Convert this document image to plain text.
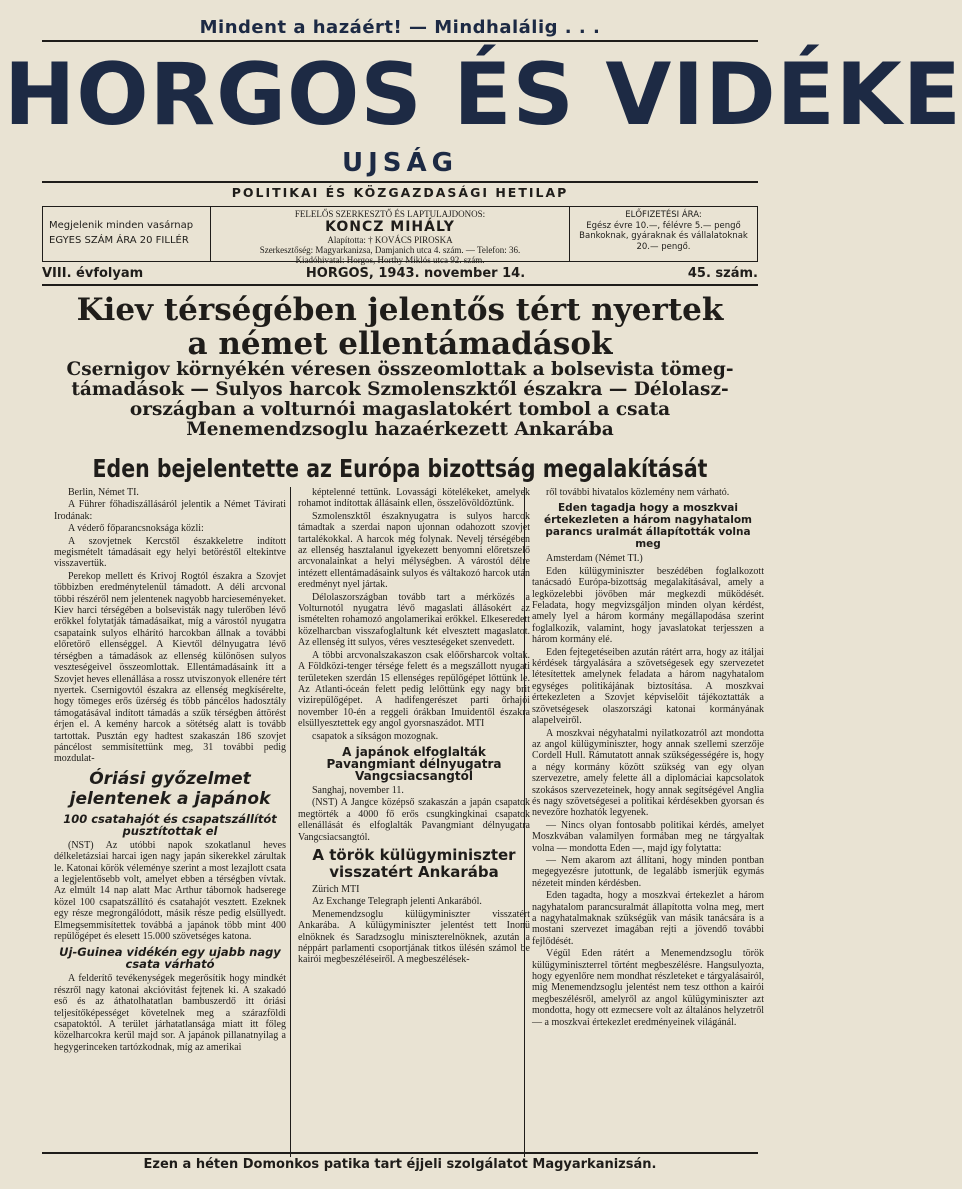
Mindent a hazáért! — Mindhalálig . . .
HORGOS ÉS VIDÉKE
UJSÁG
POLITIKAI ÉS KÖZGAZDASÁGI HETILAP
Megjelenik minden vasárnap
EGYES SZÁM ÁRA 20 FILLÉR
FELELŐS SZERKESZTŐ ÉS LAPTULAJDONOS:
KONCZ MIHÁLY
Alapította: † KOVÁCS PIROSKA
Szerkesztőség: Magyarkanizsa, Damjanich utca 4. szám. — Telefon: 36.
Kiadóhivatal: Horgos, Horthy Miklós utca 92. szám.
ELŐFIZETÉSI ÁRA:
Egész évre 10.—, félévre 5.— pengő
Bankoknak, gyáraknak és vállalatoknak 20.— pengő.
VIII. évfolyam	HORGOS, 1943. november 14.	45. szám.
Kiev térségében jelentős tért nyertek
a német ellentámadások
Csernigov környékén véresen összeomlottak a bolsevista tömeg-
támadások — Sulyos harcok Szmolenszktől északra — Délolasz-
országban a volturnói magaslatokért tombol a csata
Menemendzsoglu hazaérkezett Ankarába
Eden bejelentette az Európa bizottság megalakítását

Berlin, Német TI.

A Führer főhadiszállásáról jelentik a Német Távirati Irodának:

A véderő főparancsnoksága közli:

A szovjetnek Kercstől északkeletre indított megismételt támadásait egy helyi betöréstől eltekintve visszavertük.

Perekop mellett és Krivoj Rogtól északra a Szovjet többizben eredménytelenül támadott. A déli arcvonal többi részéről nem jelentenek nagyobb harcieseményeket. Kiev harci térségében a bolsevisták nagy tulerőben lévő erőkkel folytatják támadásaikat, míg a várostól nyugatra csapataink sulyos elhárító harcokban állnak a további előretörő ellenséggel. A Kievtől délnyugatra lévő térségben a támadások az ellenség különösen sulyos veszteségeivel összeomlottak. Ellentámadásaink itt a Szovjet heves ellenállása a rossz utviszonyok ellenére tért nyertek. Csernigovtól északra az ellenség megkísérelte, hogy tömeges erős üzérség és több páncélos hadosztály támogatásával indított támadás a szűk térségben áttörést érjen el. A kemény harcok a sötétség alatt is tovább tartottak. Pusztán egy hadtest szakaszán 186 szovjet páncélost semmisítettünk meg, 31 további pedig mozdulat-

Óriási győzelmet jelentenek a japánok
100 csatahajót és csapatszállítót pusztítottak el

(NST) Az utóbbi napok szokatlanul heves délkeletázsiai harcai igen nagy japán sikerekkel zárultak le. Katonai körök véleménye szerint a most lezajlott csata a legjelentősebb volt, amelyet ebben a térségben vívtak. Az elmúlt 14 nap alatt Mac Arthur tábornok hadserege közel 100 csapatszállító és csatahajót vesztett. Ezeknek egy része megrongálódott, másik része pedig elsüllyedt. Elmegsemmisítettek továbbá a japánok több mint 400 repülőgépet és elesett 15.000 szövetséges katona.

Uj-Guinea vidékén egy ujabb nagy csata várható

A felderítő tevékenységek megerősítik hogy mindkét részről nagy katonai akcióvitást fejtenek ki. A szakadó eső és az áthatolhatatlan bambuszerdő itt óriási teljesítőképességet követelnek meg a szárazföldi csapatoktól. A terület járhatatlansága miatt itt főleg közelharcokra kerül majd sor. A japánok pillanatnyilag a hegygerinceken tartózkodnak, míg az amerikai

képtelenné tettünk. Lovassági kötelékeket, amelyek rohamot indítottak állásaink ellen, összelövöldöztünk.

Szmolenszktől északnyugatra is sulyos harcok támadtak a szerdai napon ujonnan odahozott szovjet tartalékokkal. A harcok még folynak. Nevelj térségében az ellenség hasztalanul igyekezett benyomni előretszelő arcvonalainkat a helyi mélységben. A várostól délre intézett ellentámadásaink sulyos és váltakozó harcok után eredményt nyel jártak.

Délolaszországban tovább tart a mérközés a Volturnotól nyugatra lévő magaslati állásokért az ismételten rohamozó angolamerikai erőkkel. Elkeseredett közelharcban visszafoglaltunk két elvesztett magaslatot. Az ellenség itt sulyos, véres veszteségeket szenvedett.

A többi arcvonalszakaszon csak előőrsharcok voltak. A Földközi-tenger térsége felett és a megszállott nyugati területeken szerdán 15 ellenséges repülőgépet lőttünk le. Az Atlanti-óceán felett pedig lelőttünk egy nagy brit vizirepülőgépet. A hadifengerészet parti őrhajói november 10-én a reggeli órákban Imuidentől északra elsüllyesztettek egy angol gyorsnaszádot. MTI

csapatok a síkságon mozognak.

A japánok elfoglalták Pavangmiant délnyugatra Vangcsiacsangtól

Sanghaj, november 11.

(NST) A Jangce középső szakaszán a japán csapatok megtörték a 4000 fő erős csungkingkinai csapatok ellenállását és elfoglalták Pavangmiant délnyugatra Vangcsiacsangtól.

A török külügyminiszter visszatért Ankarába

Zürich MTI

Az Exchange Telegraph jelenti Ankarából.

Menemendzsoglu külügyminiszter visszatért Ankarába. A külügyminiszter jelentést tett Inonü elnöknek és Saradzsoglu miniszterelnöknek, azután a néppárt parlamenti csoportjának titkos ülésén számol be kairói megbeszéléseiről. A megbeszélések-

ről további hivatalos közlemény nem várható.

Eden tagadja hogy a moszkvai értekezleten a három nagyhatalom parancs uralmát állapították volna meg

Amsterdam (Német TI.)

Eden külügyminiszter beszédében foglalkozott tanácsadó Európa-bizottság megalakításával, amely a legközelebbi jövőben már megkezdi működését. Feladata, hogy megvizsgáljon minden olyan kérdést, amely lyel a három kormány megállapodása szerint foglalkozik, valamint, hogy javaslatokat terjesszen a három kormány elé.

Eden fejtegetéseiben azután rátért arra, hogy az itáljai kérdések tárgyalására a szövetségesek egy szervezetet létesítettek amelynek feladata a három nagyhatalom egységes politikájának biztosítása. A moszkvai értekezleten a Szovjet képviselőit tájékoztatták a szövetségesek olaszországi katonai kormányának alapelveiről.

A moszkvai négyhatalmi nyilatkozatról azt mondotta az angol külügyminiszter, hogy annak szellemi szerzője Cordell Hull. Rámutatott annak szükségességére is, hogy a négy kormány között szükség van egy olyan szervezetre, amely felette áll a diplomáciai kapcsolatok szokásos szervezeteinek, hogy annak segítségével Anglia és nagy szövetségesei a politikai kérdésekben gyorsan és nevezőre hozhatók legyenek.

— Nincs olyan fontosabb politikai kérdés, amelyet Moszkvában valamilyen formában meg ne tárgyaltak volna — mondotta Eden —, majd így folytatta:

— Nem akarom azt állítani, hogy minden pontban megegyezésre jutottunk, de legalább ismerjük egymás nézeteit minden kérdésben.

Eden tagadta, hogy a moszkvai értekezlet a három nagyhatalom parancsuralmát állapította volna meg, mert a nagyhatalmaknak szükségük van másik tanácsára is a mostani szervezet imagában rejti a jövendő további fejlődését.

Végül Eden rátért a Menemendzsoglu török külügyminiszterrel történt megbeszélésre. Hangsulyozta, hogy egyenlőre nem mondhat részleteket e tárgyalásairól, mig Menemendzsoglu jelentést nem tesz otthon a kairói megbeszélésről, amelyről az angol külügyminiszter azt mondotta, hogy ott ezmecsere volt az általános helyzetről — a moszkvai értekezlet eredményeinek világánál.

Ezen a héten Domonkos patika tart éjjeli szolgálatot Magyarkanizsán.
